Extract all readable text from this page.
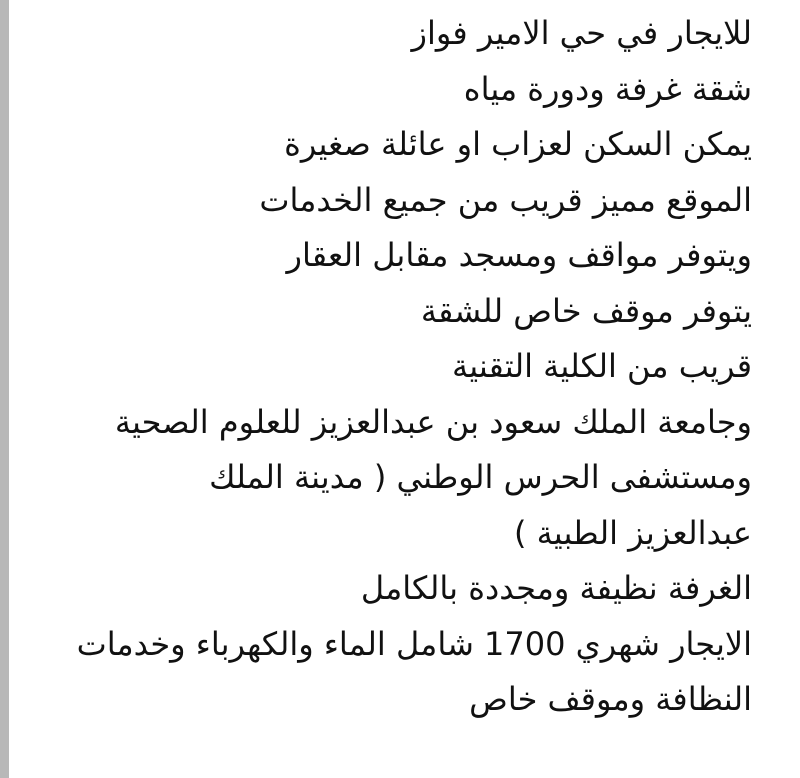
للايجار في حي الامير فواز
شقة غرفة ودورة مياه
يمكن السكن لعزاب او عائلة صغيرة
الموقع مميز قريب من جميع الخدمات
ويتوفر مواقف ومسجد مقابل العقار
يتوفر موقف خاص للشقة
قريب من الكلية التقنية
وجامعة الملك سعود بن عبدالعزيز للعلوم الصحية
ومستشفى الحرس الوطني ( مدينة الملك
عبدالعزيز الطبية )
الغرفة نظيفة ومجددة بالكامل
الايجار شهري 1700 شامل الماء والكهرباء وخدمات
النظافة وموقف خاص
